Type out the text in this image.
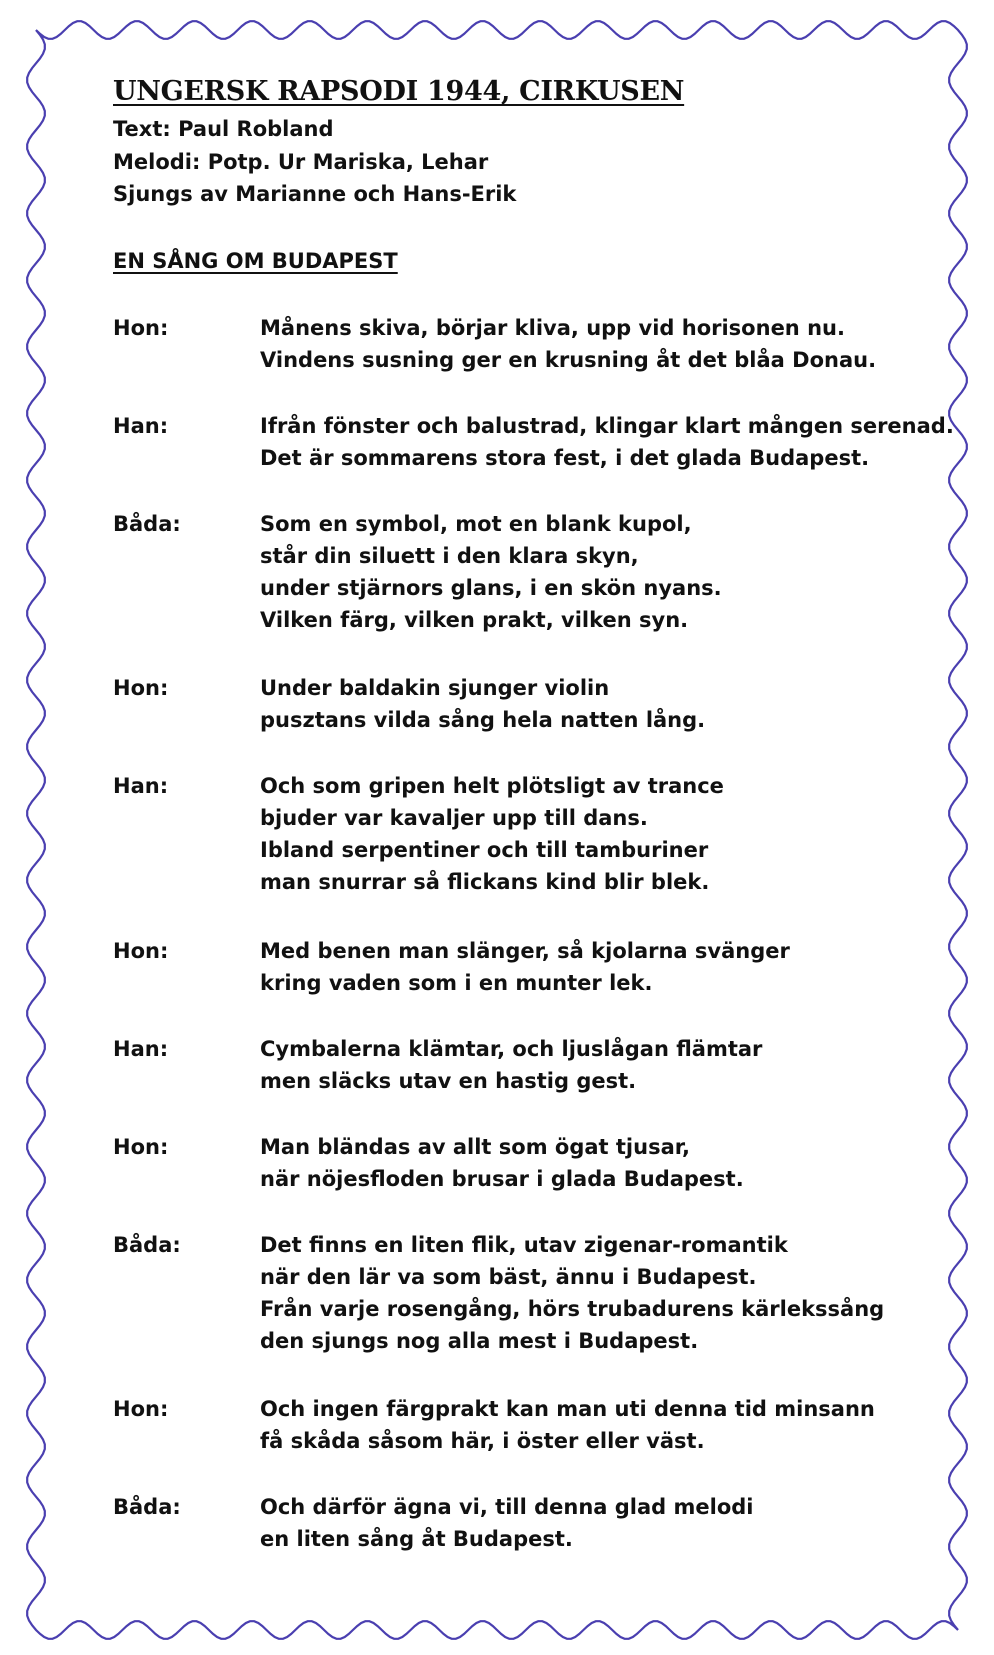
UNGERSK RAPSODI 1944, CIRKUSEN
Text: Paul Robland
Melodi: Potp. Ur Mariska, Lehar
Sjungs av Marianne och Hans-Erik
EN SÅNG OM BUDAPEST
Hon:	Månens skiva, börjar kliva, upp vid horisonen nu.
Vindens susning ger en krusning åt det blåa Donau.
Han:	Ifrån fönster och balustrad, klingar klart mången serenad.
Det är sommarens stora fest, i det glada Budapest.
Båda:	Som en symbol, mot en blank kupol,
står din siluett i den klara skyn,
under stjärnors glans, i en skön nyans.
Vilken färg, vilken prakt, vilken syn.
Hon:	Under baldakin sjunger violin
pusztans vilda sång hela natten lång.
Han:	Och som gripen helt plötsligt av trance
bjuder var kavaljer upp till dans.
Ibland serpentiner och till tamburiner
man snurrar så flickans kind blir blek.
Hon:	Med benen man slänger, så kjolarna svänger
kring vaden som i en munter lek.
Han:	Cymbalerna klämtar, och ljuslågan flämtar
men släcks utav en hastig gest.
Hon:	Man bländas av allt som ögat tjusar,
när nöjesfloden brusar i glada Budapest.
Båda:	Det finns en liten flik, utav zigenar-romantik
när den lär va som bäst, ännu i Budapest.
Från varje rosengång, hörs trubadurens kärlekssång
den sjungs nog alla mest i Budapest.
Hon:	Och ingen färgprakt kan man uti denna tid minsann
få skåda såsom här, i öster eller väst.
Båda:	Och därför ägna vi, till denna glad melodi
en liten sång åt Budapest.
